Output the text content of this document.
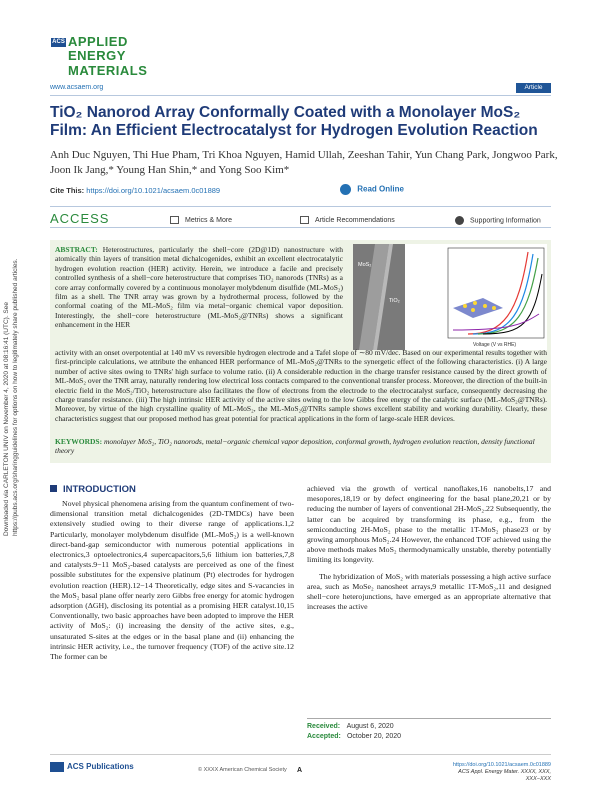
ACS APPLIED
ENERGY MATERIALS
www.acsaem.org	Article
TiO₂ Nanorod Array Conformally Coated with a Monolayer MoS₂ Film: An Efficient Electrocatalyst for Hydrogen Evolution Reaction
Anh Duc Nguyen, Thi Hue Pham, Tri Khoa Nguyen, Hamid Ullah, Zeeshan Tahir, Yun Chang Park, Jongwoo Park, Joon Ik Jang,* Young Han Shin,* and Yong Soo Kim*
Cite This: https://doi.org/10.1021/acsaem.0c01889	Read Online
ACCESS	Metrics & More	Article Recommendations	Supporting Information
Downloaded via CARLETON UNIV on November 4, 2020 at 08:16:41 (UTC). See https://pubs.acs.org/sharingguidelines for options on how to legitimately share published articles.
ABSTRACT: Heterostructures, particularly the shell−core (2D@1D) nanostructure with atomically thin layers of transition metal dichalcogenides, exhibit an excellent electrocatalytic hydrogen evolution reaction (HER) activity. Herein, we introduce a facile and precisely controlled synthesis of a shell−core heterostructure that comprises TiO₂ nanorods (TNRs) as a core array conformally covered by a continuous monolayer molybdenum disulfide (ML-MoS₂) film as a shell. The TNR array was grown by a hydrothermal process, followed by the conformal coating of the ML-MoS₂ film via metal−organic chemical vapor deposition. Interestingly, the shell−core heterostructure (ML-MoS₂@TNRs) shows a significant enhancement in the HER
MoS₂
TiO₂
Voltage (V vs RHE)
activity with an onset overpotential at 140 mV vs reversible hydrogen electrode and a Tafel slope of ∼80 mV/dec. Based on our experimental results together with first-principle calculations, we attribute the enhanced HER performance of ML-MoS₂@TNRs to the synergetic effect of the following characteristics. (i) A large number of active sites owing to TNRs' high surface to volume ratio. (ii) A considerable reduction in the charge transfer resistance caused by the direct growth of ML-MoS₂ over the TNR array, naturally rendering low electrical loss contacts compared to the conventional transfer process. Moreover, the direction of the built-in electric field in the MoS₂/TiO₂ heterostructure also facilitates the flow of electrons from the electrode to the electrocatalyst surface, consequently decreasing the charge transfer resistance. (iii) The high intrinsic HER activity of the active sites owing to the low Gibbs free energy of the catalytic surface (ML-MoS₂@TNRs). Moreover, by virtue of the high crystalline quality of ML-MoS₂, the ML-MoS₂@TNRs sample shows excellent stability and working durability. Clearly, these characteristics suggest that our proposed method has great potential for practical applications in the form of large-scale HER devices.
KEYWORDS: monolayer MoS₂, TiO₂ nanorods, metal−organic chemical vapor deposition, conformal growth, hydrogen evolution reaction, density functional theory
INTRODUCTION
Novel physical phenomena arising from the quantum confinement of two-dimensional transition metal dichalcogenides (2D-TMDCs) have been extensively studied owing to their diverse range of applications.1,2 Particularly, monolayer molybdenum disulfide (ML-MoS₂) is a well-known direct-band-gap semiconductor with numerous potential applications in electronics,3 optoelectronics,4 supercapacitors,5,6 lithium ion batteries,7,8 and catalysts.9−11 MoS₂-based catalysts are perceived as one of the finest possible substitutes for the expensive platinum (Pt) electrodes for hydrogen evolution reaction (HER).12−14 Theoretically, edge sites and S-vacancies in the MoS₂ basal plane offer nearly zero Gibbs free energy for atomic hydrogen adsorption (ΔGH), disclosing its potential as a promising HER catalyst.10,15 Conventionally, two basic approaches have been adopted to improve the HER activity of MoS₂: (i) increasing the density of the active sites, e.g., unsaturated S-sites at the edges or in the basal plane and (ii) enhancing the intrinsic HER activity, i.e., the turnover frequency (TOF) of the active site.12 The former can be

achieved via the growth of vertical nanoflakes,16 nanobelts,17 and mesopores,18,19 or by defect engineering for the basal plane,20,21 or by reducing the number of layers of conventional 2H-MoS₂.22 Subsequently, the latter can be acquired by transforming its phase, e.g., from the semiconducting 2H-MoS₂ phase to the metallic 1T-MoS₂ phase23 or by growing amorphous MoS₂.24 However, the enhanced TOF achieved using the above methods makes MoS₂ thermodynamically unstable, thereby potentially limiting its longevity.

The hybridization of MoS₂ with materials possessing a high active surface area, such as MoSe₂ nanosheet arrays,9 metallic 1T-MoS₂,11 and designed shell−core heterojunctions, have emerged as an appropriate alternative that increases the active

Received: August 6, 2020
Accepted: October 20, 2020
ACS Publications	© XXXX American Chemical Society A
https://doi.org/10.1021/acsaem.0c01889
ACS Appl. Energy Mater. XXXX, XXX, XXX−XXX
